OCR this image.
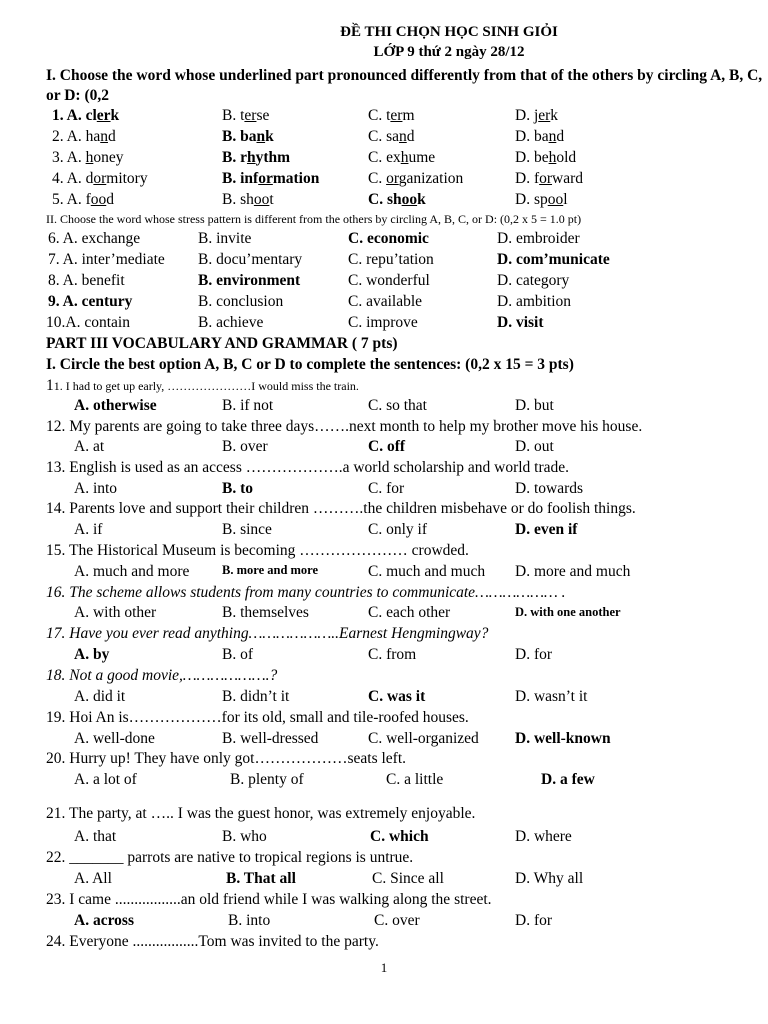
ĐỀ THI CHỌN HỌC SINH GIỎI
LỚP 9 thứ 2 ngày 28/12
I. Choose the word whose underlined part pronounced differently from that of the others by circling A, B, C, or D: (0,2
1. A. clerk	B. terse	C. term	D. jerk
2. A. hand	B. bank	C. sand	D. band
3. A. honey	B. rhythm	C. exhume	D. behold
4. A. dormitory	B. information	C. organization	D. forward
5. A. food	B. shoot	C. shook	D. spool
II. Choose the word whose stress pattern is different from the others by circling A, B, C, or D: (0,2 x 5 = 1.0 pt)
6. A. exchange	B. invite	C. economic	D. embroider
7. A. inter’mediate B. docu’mentary	C. repu’tation	D. com’municate
8. A. benefit	B. environment	C. wonderful	D. category
9. A. century	B. conclusion	C. available	D. ambition
10.A. contain	B. achieve	C. improve	D. visit
PART III VOCABULARY AND GRAMMAR ( 7 pts)
I. Circle the best option A, B, C or D to complete the sentences: (0,2 x 15 = 3 pts)
11. I had to get up early, …………………I would miss the train.
A. otherwise	B. if not	C. so that	D. but
12. My parents are going to take three days…….next month to help my brother move his house.
A. at	B. over	C. off	D. out
13. English is used as an access ……………….a world scholarship and world trade.
A. into	B. to	C. for	D. towards
14. Parents love and support their children ……….the children misbehave or do foolish things.
A. if	B. since	C. only if	D. even if
15. The Historical Museum is becoming ………………… crowded.
A. much and more	B. more and more	C. much and much D. more and much
16. The scheme allows students from many countries to communicate……………… .
A. with other	B. themselves	C. each other	D. with one another
17. Have you ever read anything………………..Earnest Hengmingway?
A. by	B. of	C. from	D. for
18. Not a good movie,……………….?
A. did it	B. didn’t it	C. was it	D. wasn’t it
19. Hoi An is………………for its old, small and tile-roofed houses.
A. well-done	B. well-dressed	C. well-organized D. well-known
20. Hurry up! They have only got………………seats left.
A. a lot of	B. plenty of	C. a little	D. a few
21. The party, at ….. I was the guest honor, was extremely enjoyable.
A. that	B. who	C. which	D. where
22. _______ parrots are native to tropical regions is untrue.
A. All	B. That all	C. Since all	D. Why all
23. I came .................an old friend while I was walking along the street.
A. across	B. into	C. over	D. for
24. Everyone .................Tom was invited to the party.
1
